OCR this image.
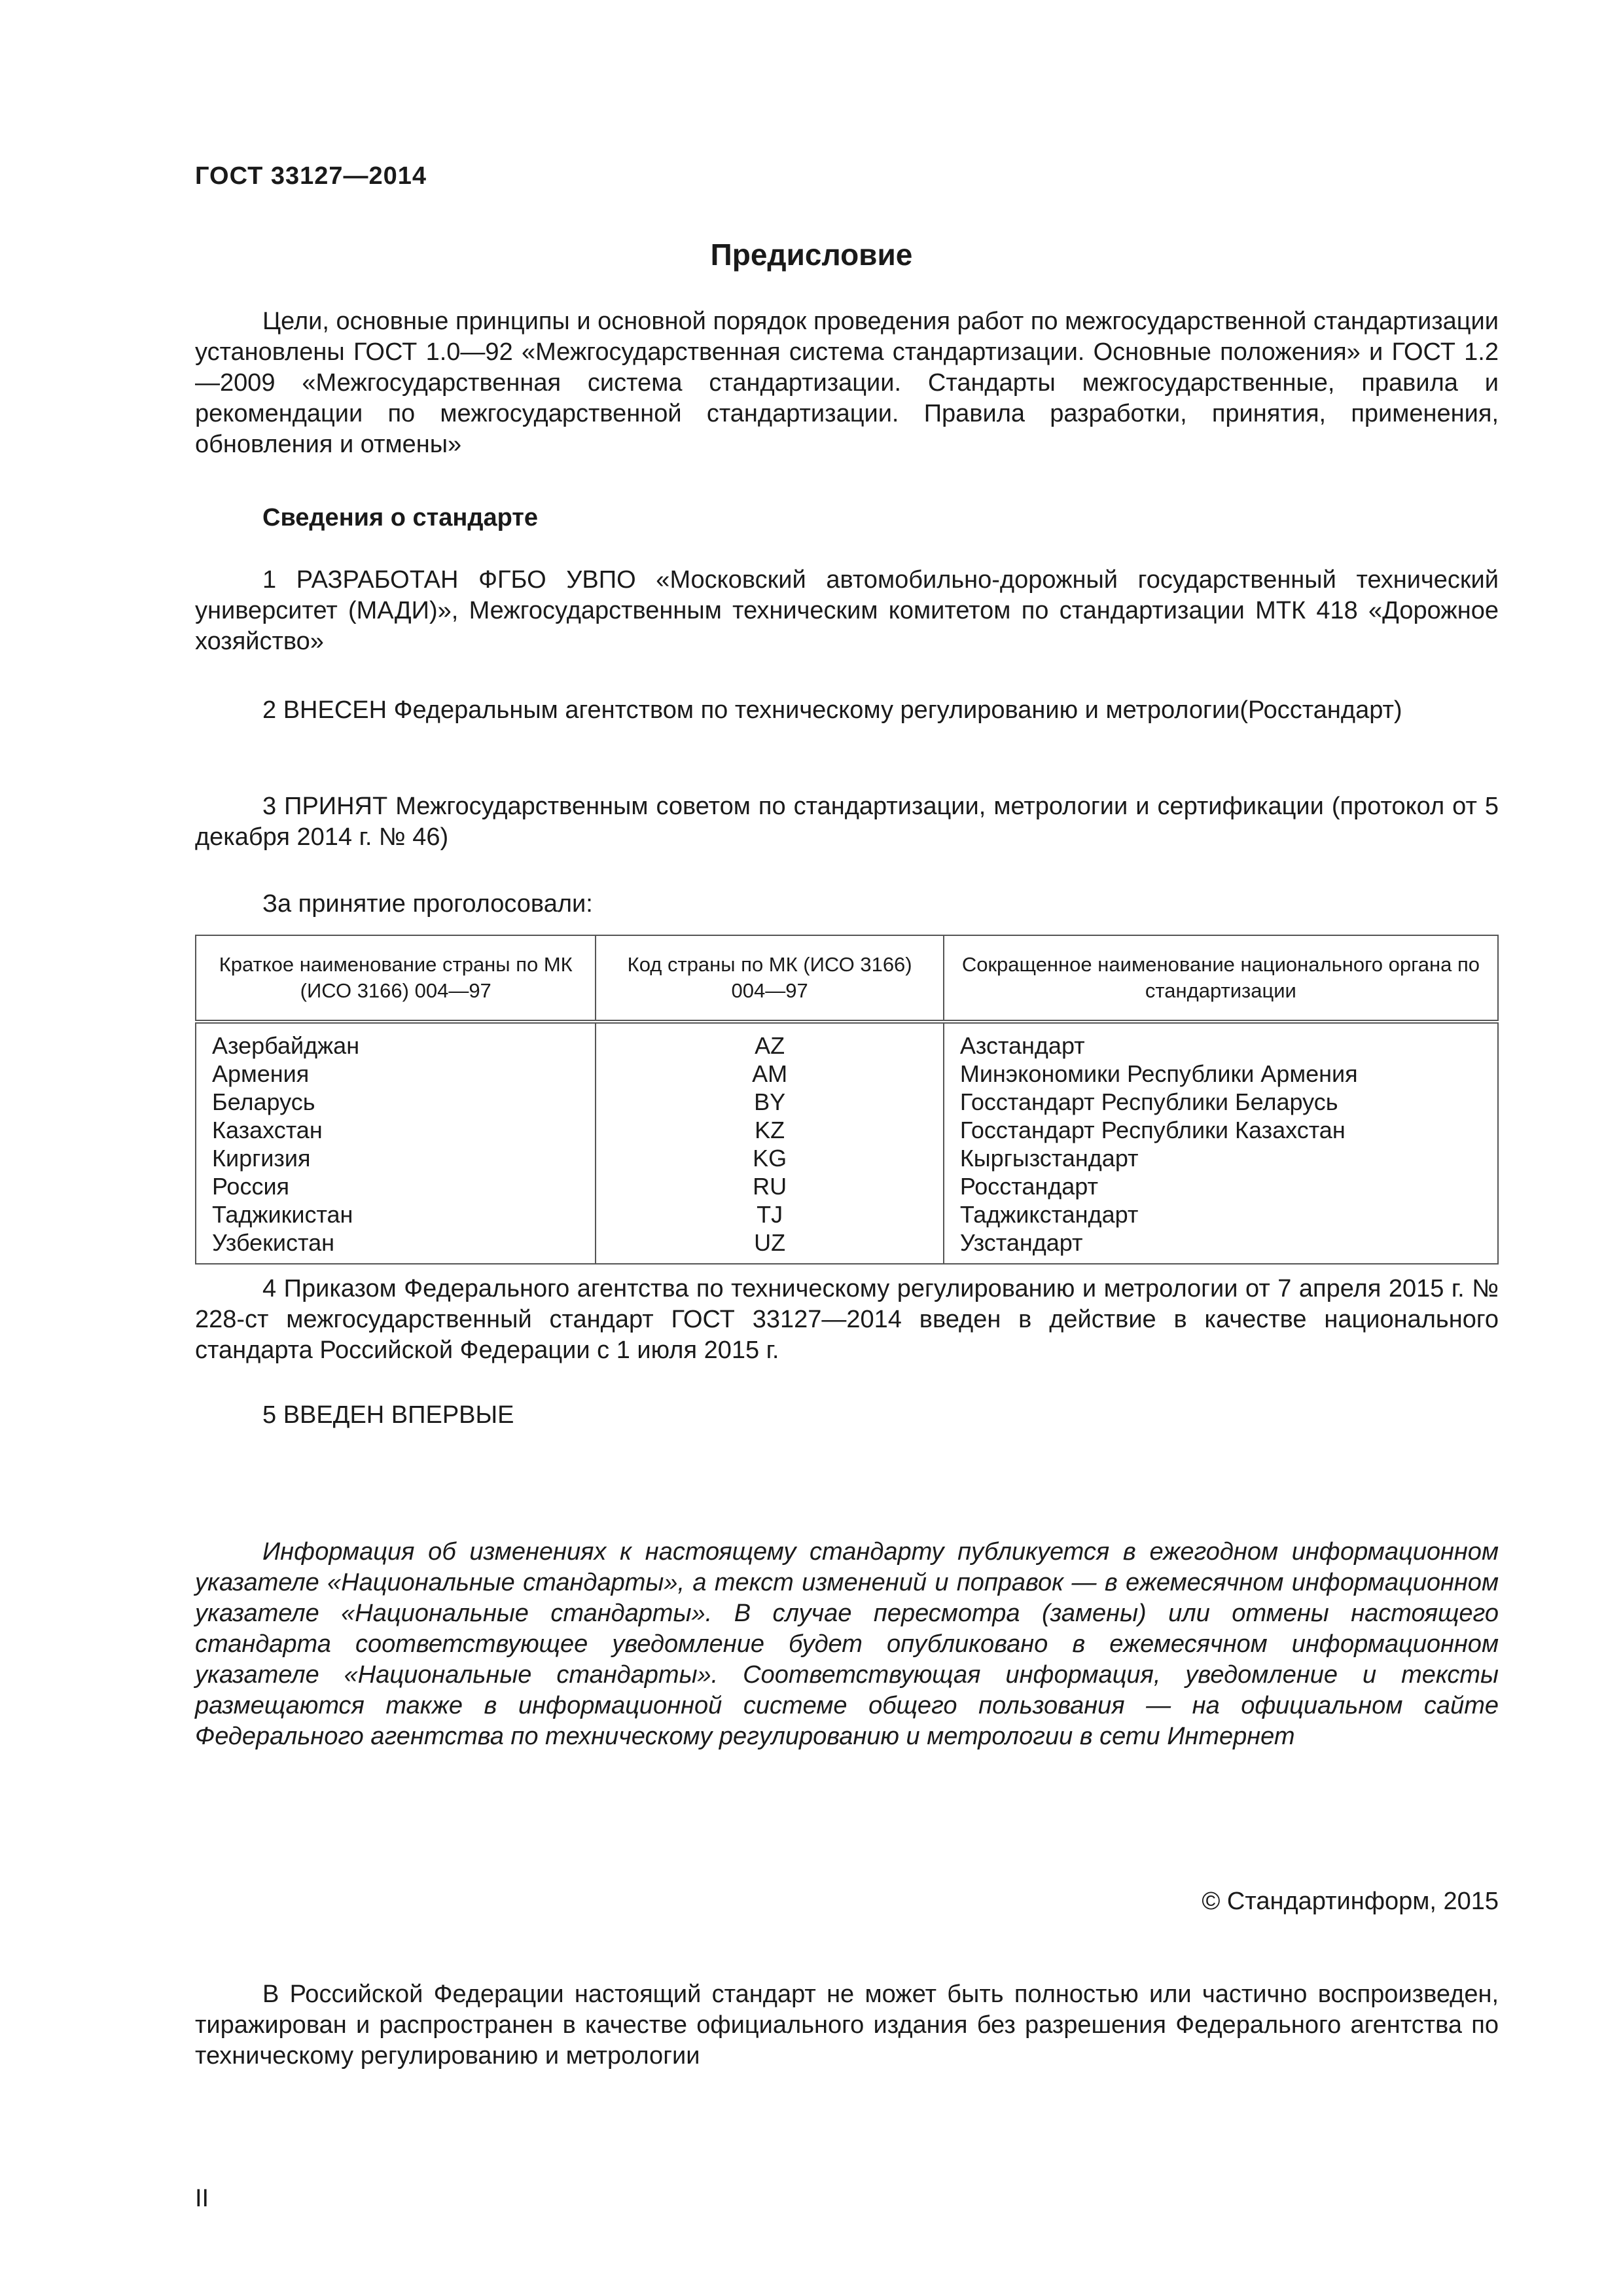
ГОСТ 33127—2014
Предисловие

Цели, основные принципы и основной порядок проведения работ по межгосударственной стандартизации установлены ГОСТ 1.0—92 «Межгосударственная система стандартизации. Основные положения» и ГОСТ 1.2—2009 «Межгосударственная система стандартизации. Стандарты межгосударственные, правила и рекомендации по межгосударственной стандартизации. Правила разработки, принятия, применения, обновления и отмены»

Сведения о стандарте

1 РАЗРАБОТАН ФГБО УВПО «Московский автомобильно-дорожный государственный технический университет (МАДИ)», Межгосударственным техническим комитетом по стандартизации МТК 418 «Дорожное хозяйство»

2 ВНЕСЕН Федеральным агентством по техническому регулированию и метрологии(Росстандарт)

3 ПРИНЯТ Межгосударственным советом по стандартизации, метрологии и сертификации (протокол от 5 декабря 2014 г. № 46)

За принятие проголосовали:

Краткое наименование страны по МК (ИСО 3166) 004—97	Код страны по МК (ИСО 3166) 004—97	Сокращенное наименование национального органа по стандартизации
Азербайджан	AZ	Азстандарт
Армения	AM	Минэкономики Республики Армения
Беларусь	BY	Госстандарт Республики Беларусь
Казахстан	KZ	Госстандарт Республики Казахстан
Киргизия	KG	Кыргызстандарт
Россия	RU	Росстандарт
Таджикистан	TJ	Таджикстандарт
Узбекистан	UZ	Узстандарт

4 Приказом Федерального агентства по техническому регулированию и метрологии от 7 апреля 2015 г. № 228-ст межгосударственный стандарт ГОСТ 33127—2014 введен в действие в качестве национального стандарта Российской Федерации с 1 июля 2015 г.

5 ВВЕДЕН ВПЕРВЫЕ

Информация об изменениях к настоящему стандарту публикуется в ежегодном информационном указателе «Национальные стандарты», а текст изменений и поправок — в ежемесячном информационном указателе «Национальные стандарты». В случае пересмотра (замены) или отмены настоящего стандарта соответствующее уведомление будет опубликовано в ежемесячном информационном указателе «Национальные стандарты». Соответствующая информация, уведомление и тексты размещаются также в информационной системе общего пользования — на официальном сайте Федерального агентства по техническому регулированию и метрологии в сети Интернет

© Стандартинформ, 2015

В Российской Федерации настоящий стандарт не может быть полностью или частично воспроизведен, тиражирован и распространен в качестве официального издания без разрешения Федерального агентства по техническому регулированию и метрологии

II
